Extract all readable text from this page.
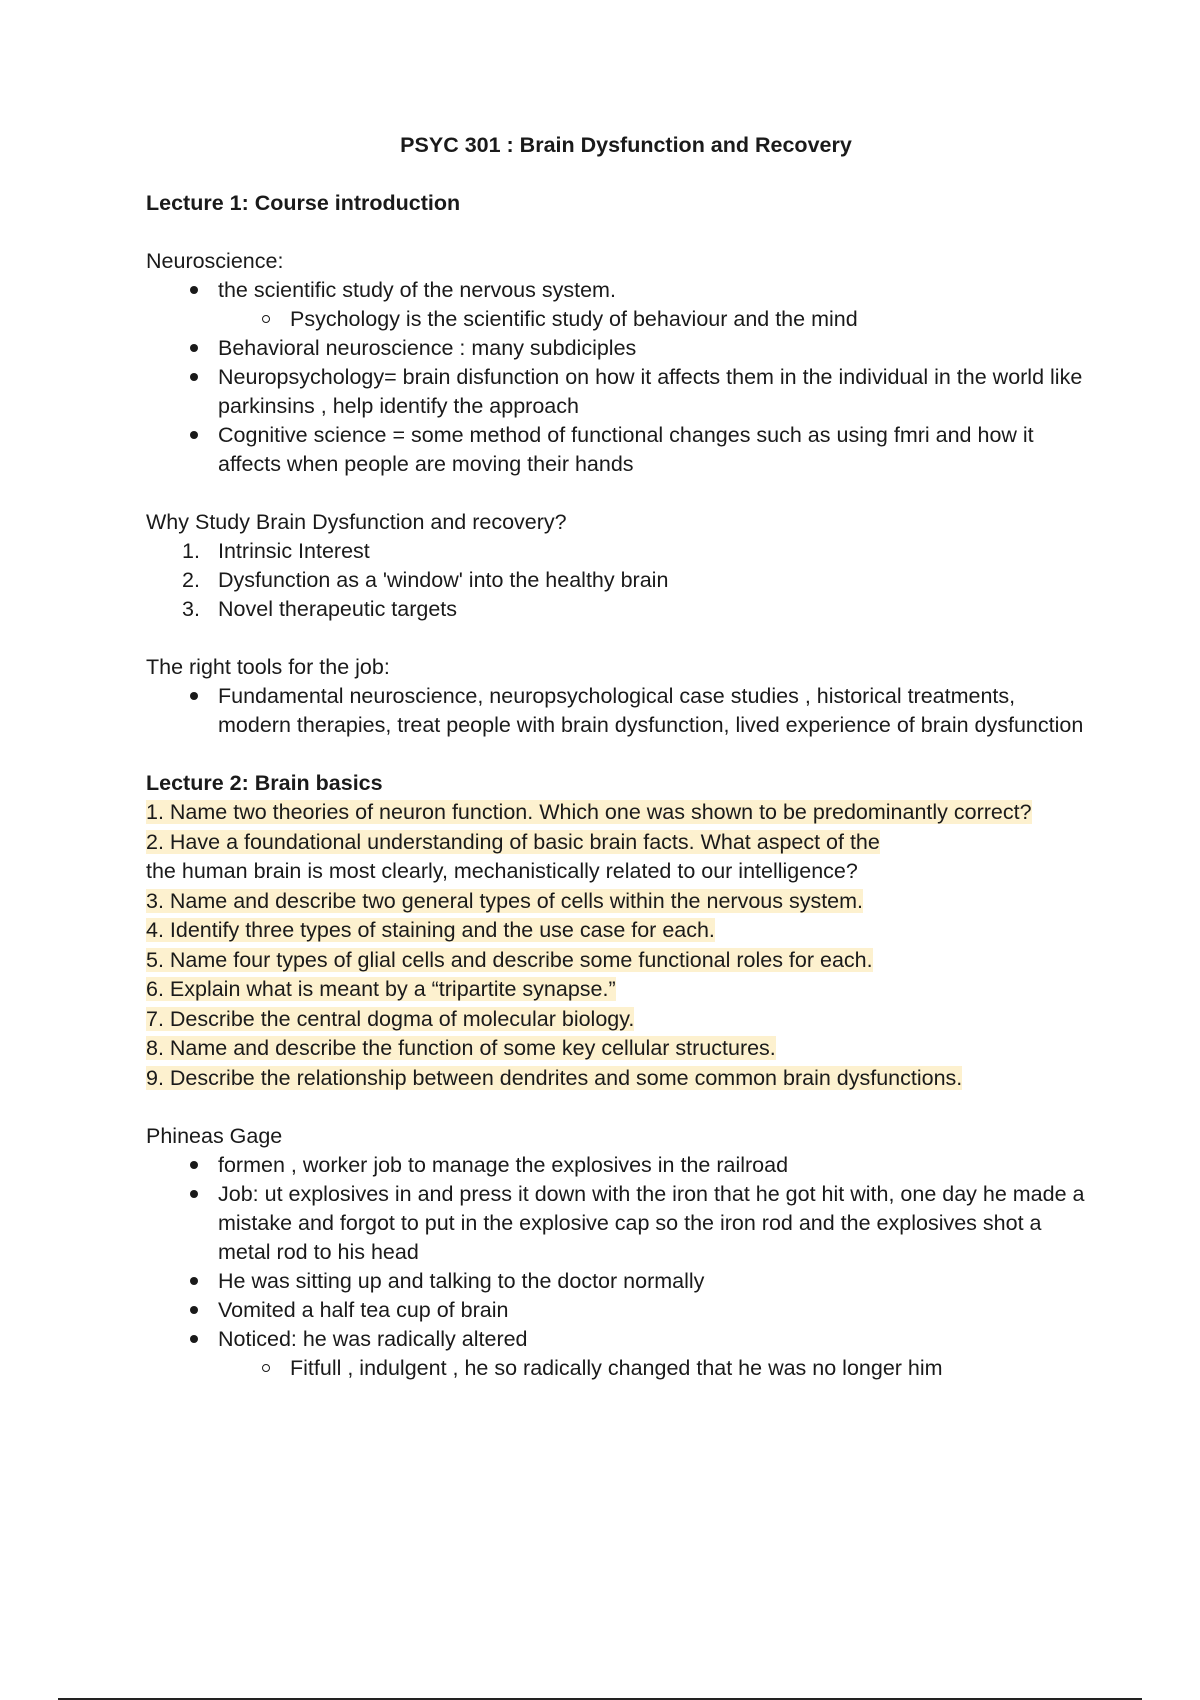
PSYC 301 : Brain Dysfunction and Recovery
Lecture 1: Course introduction
Neuroscience:
the scientific study of the nervous system.
Psychology is the scientific study of behaviour and the mind
Behavioral neuroscience : many subdiciples
Neuropsychology= brain disfunction on how it affects them in the individual in the world like parkinsins , help identify the approach
Cognitive science = some method of functional changes such as using fmri and how it affects when people are moving their hands
Why Study Brain Dysfunction and recovery?
1. Intrinsic Interest
2. Dysfunction as a 'window' into the healthy brain
3. Novel therapeutic targets
The right tools for the job:
Fundamental neuroscience, neuropsychological case studies , historical treatments, modern therapies, treat people with brain dysfunction, lived experience of brain dysfunction
Lecture 2: Brain basics
1. Name two theories of neuron function. Which one was shown to be predominantly correct?
2. Have a foundational understanding of basic brain facts. What aspect of the
the human brain is most clearly, mechanistically related to our intelligence?
3. Name and describe two general types of cells within the nervous system.
4. Identify three types of staining and the use case for each.
5. Name four types of glial cells and describe some functional roles for each.
6. Explain what is meant by a “tripartite synapse.”
7. Describe the central dogma of molecular biology.
8. Name and describe the function of some key cellular structures.
9. Describe the relationship between dendrites and some common brain dysfunctions.
Phineas Gage
formen , worker job to manage the explosives in the railroad
Job: ut explosives in and press it down with the iron that he got hit with, one day he made a mistake and forgot to put in the explosive cap so the iron rod and the explosives shot a metal rod to his head
He was sitting up and talking to the doctor normally
Vomited a half tea cup of brain
Noticed: he was radically altered
Fitfull , indulgent , he so radically changed that he was no longer him
